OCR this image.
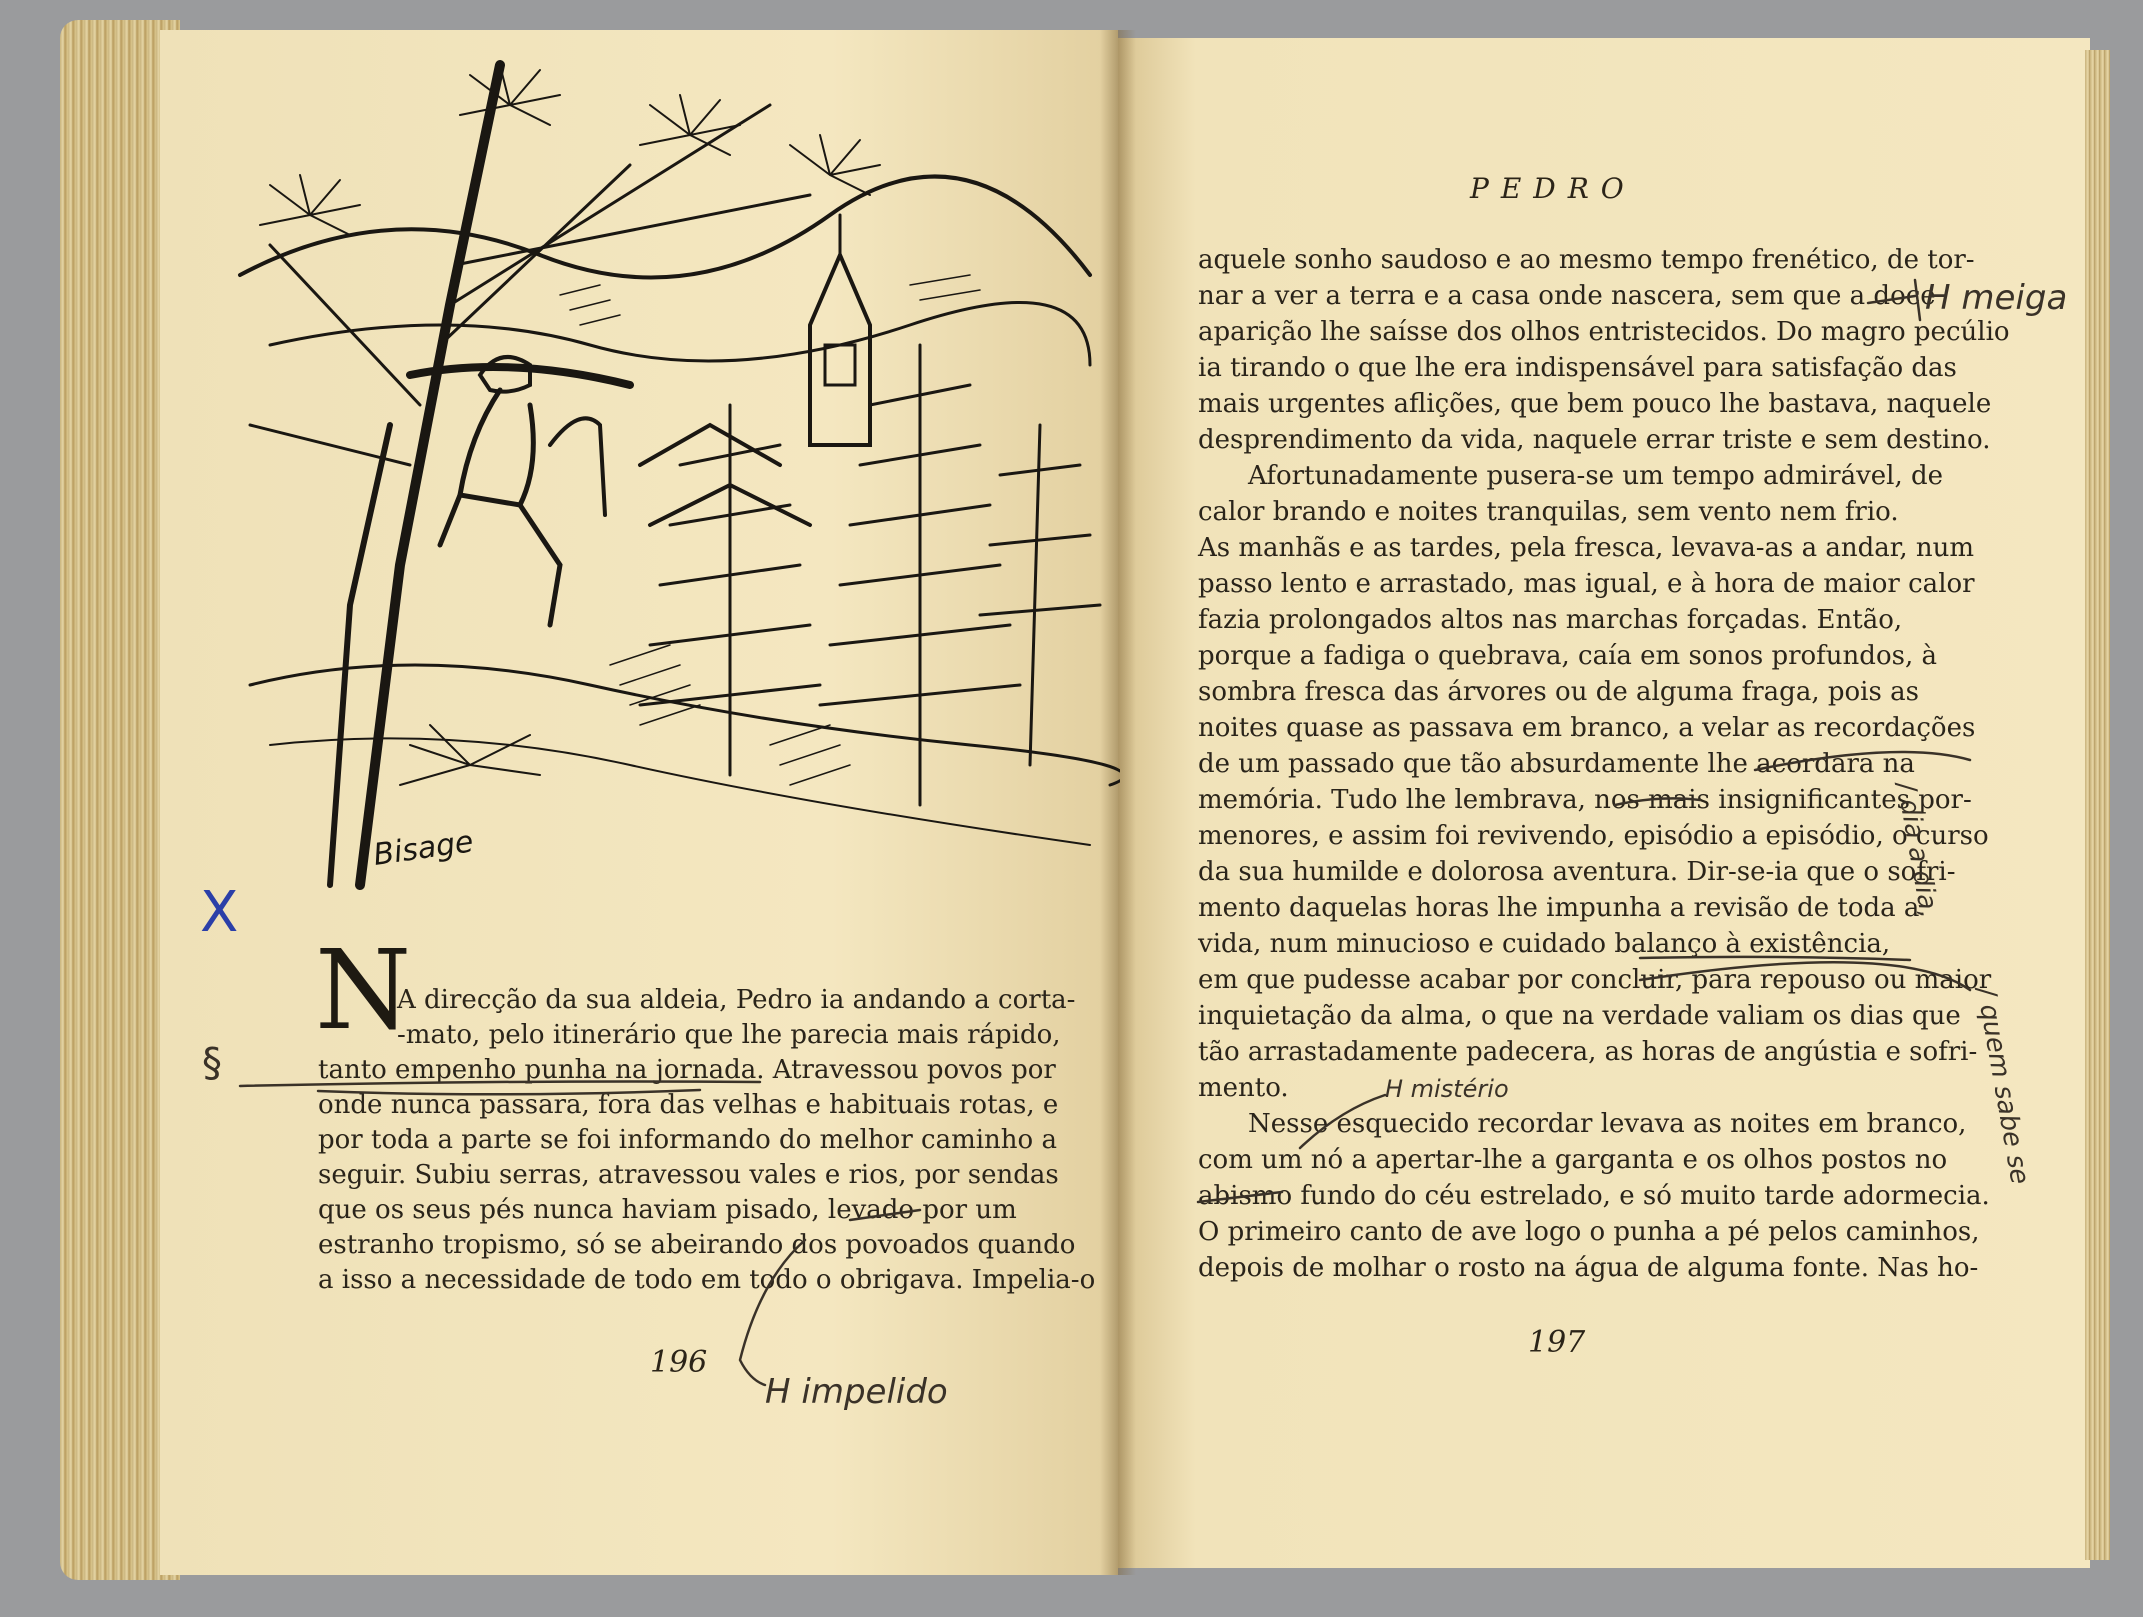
Bisage
N
A direcção da sua aldeia, Pedro ia andando a corta-
-mato, pelo itinerário que lhe parecia mais rápido,
tanto empenho punha na jornada. Atravessou povos por
onde nunca passara, fora das velhas e habituais rotas, e
por toda a parte se foi informando do melhor caminho a
seguir. Subiu serras, atravessou vales e rios, por sendas
que os seus pés nunca haviam pisado, levado por um
estranho tropismo, só se abeirando dos povoados quando
a isso a necessidade de todo em todo o obrigava. Impelia-o
196
PEDRO
aquele sonho saudoso e ao mesmo tempo frenético, de tor-
nar a ver a terra e a casa onde nascera, sem que a doce
aparição lhe saísse dos olhos entristecidos. Do magro pecúlio
ia tirando o que lhe era indispensável para satisfação das
mais urgentes aflições, que bem pouco lhe bastava, naquele
desprendimento da vida, naquele errar triste e sem destino.
Afortunadamente pusera-se um tempo admirável, de
calor brando e noites tranquilas, sem vento nem frio.
As manhãs e as tardes, pela fresca, levava-as a andar, num
passo lento e arrastado, mas igual, e à hora de maior calor
fazia prolongados altos nas marchas forçadas. Então,
porque a fadiga o quebrava, caía em sonos profundos, à
sombra fresca das árvores ou de alguma fraga, pois as
noites quase as passava em branco, a velar as recordações
de um passado que tão absurdamente lhe acordara na
memória. Tudo lhe lembrava, nos mais insignificantes por-
menores, e assim foi revivendo, episódio a episódio, o curso
da sua humilde e dolorosa aventura. Dir-se-ia que o sofri-
mento daquelas horas lhe impunha a revisão de toda a
vida, num minucioso e cuidado balanço à existência,
em que pudesse acabar por concluir, para repouso ou maior
inquietação da alma, o que na verdade valiam os dias que
tão arrastadamente padecera, as horas de angústia e sofri-
mento.
Nesse esquecido recordar levava as noites em branco,
com um nó a apertar-lhe a garganta e os olhos postos no
abismo fundo do céu estrelado, e só muito tarde adormecia.
O primeiro canto de ave logo o punha a pé pelos caminhos,
depois de molhar o rosto na água de alguma fonte. Nas ho-
197
H meiga
/ dia a dia,
/ quem sabe se
H mistério
H impelido
X
§
